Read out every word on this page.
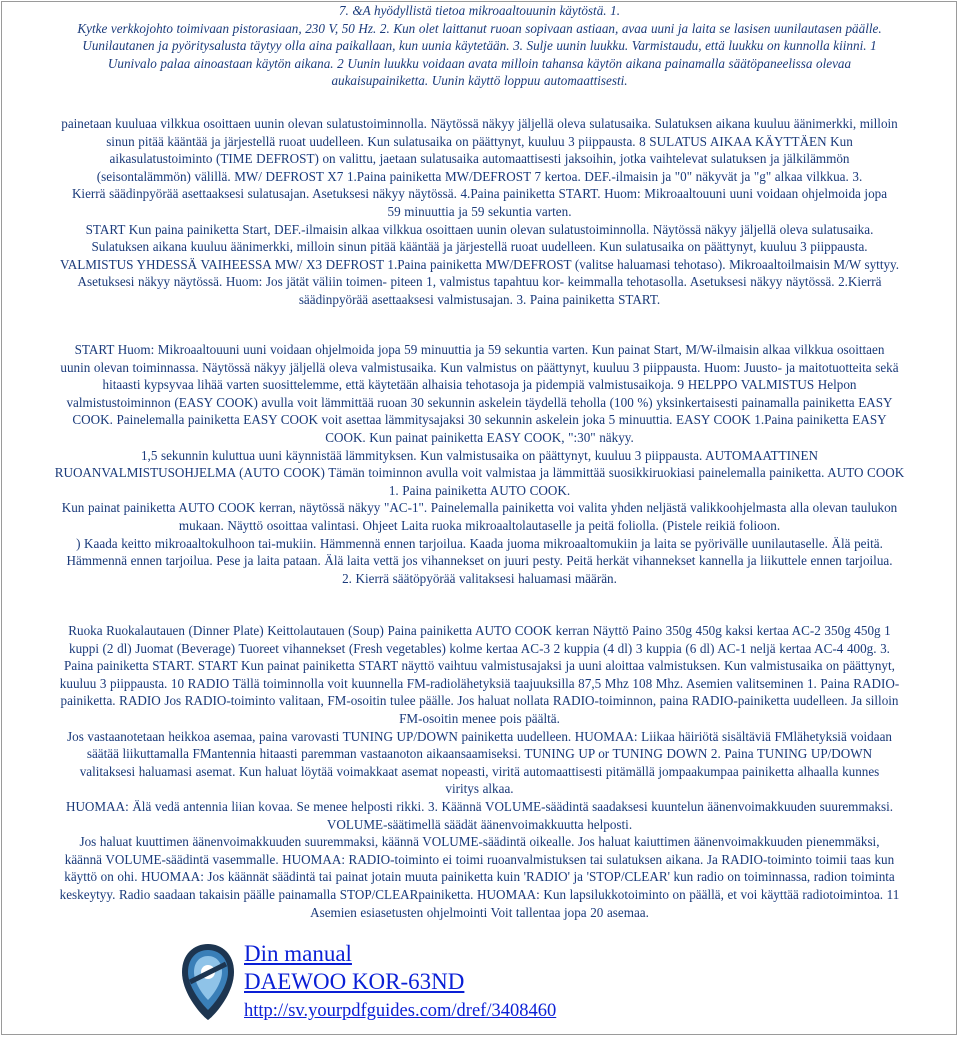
7. &A hyödyllistä tietoa mikroaaltouunin käytöstä. 1.

Kytke verkkojohto toimivaan pistorasiaan, 230 V, 50 Hz. 2. Kun olet laittanut ruoan sopivaan astiaan, avaa uuni ja laita se lasisen uunilautasen päälle.

Uunilautanen ja pyöritysalusta täytyy olla aina paikallaan, kun uunia käytetään. 3. Sulje uunin luukku. Varmistaudu, että luukku on kunnolla kiinni. 1

Uunivalo palaa ainoastaan käytön aikana. 2 Uunin luukku voidaan avata milloin tahansa käytön aikana painamalla säätöpaneelissa olevaa

aukaisupainiketta. Uunin käyttö loppuu automaattisesti.

painetaan kuuluaa vilkkua osoittaen uunin olevan sulatustoiminnolla. Näytössä näkyy jäljellä oleva sulatusaika. Sulatuksen aikana kuuluu äänimerkki, milloin

sinun pitää kääntää ja järjestellä ruoat uudelleen. Kun sulatusaika on päättynyt, kuuluu 3 piippausta. 8 SULATUS AIKAA KÄYTTÄEN Kun

aikasulatustoiminto (TIME DEFROST) on valittu, jaetaan sulatusaika automaattisesti jaksoihin, jotka vaihtelevat sulatuksen ja jälkilämmön

(seisontalämmön) välillä. MW/ DEFROST X7 1.Paina painiketta MW/DEFROST 7 kertoa. DEF.-ilmaisin ja "0" näkyvät ja "g" alkaa vilkkua. 3.

Kierrä säädinpyörää asettaaksesi sulatusajan. Asetuksesi näkyy näytössä. 4.Paina painiketta START. Huom: Mikroaaltouuni uuni voidaan ohjelmoida jopa

59 minuuttia ja 59 sekuntia varten.

START Kun paina painiketta Start, DEF.-ilmaisin alkaa vilkkua osoittaen uunin olevan sulatustoiminnolla. Näytössä näkyy jäljellä oleva sulatusaika.

Sulatuksen aikana kuuluu äänimerkki, milloin sinun pitää kääntää ja järjestellä ruoat uudelleen. Kun sulatusaika on päättynyt, kuuluu 3 piippausta.

VALMISTUS YHDESSÄ VAIHEESSA MW/ X3 DEFROST 1.Paina painiketta MW/DEFROST (valitse haluamasi tehotaso). Mikroaaltoilmaisin M/W syttyy.

Asetuksesi näkyy näytössä. Huom: Jos jätät väliin toimen- piteen 1, valmistus tapahtuu kor- keimmalla tehotasolla. Asetuksesi näkyy näytössä. 2.Kierrä

säädinpyörää asettaaksesi valmistusajan. 3. Paina painiketta START.

START Huom: Mikroaaltouuni uuni voidaan ohjelmoida jopa 59 minuuttia ja 59 sekuntia varten. Kun painat Start, M/W-ilmaisin alkaa vilkkua osoittaen

uunin olevan toiminnassa. Näytössä näkyy jäljellä oleva valmistusaika. Kun valmistus on päättynyt, kuuluu 3 piippausta. Huom: Juusto- ja maitotuotteita sekä

hitaasti kypsyvaa lihää varten suosittelemme, että käytetään alhaisia tehotasoja ja pidempiä valmistusaikoja. 9 HELPPO VALMISTUS Helpon

valmistustoiminnon (EASY COOK) avulla voit lämmittää ruoan 30 sekunnin askelein täydellä teholla (100 %) yksinkertaisesti painamalla painiketta EASY

COOK. Painelemalla painiketta EASY COOK voit asettaa lämmitysajaksi 30 sekunnin askelein joka 5 minuuttia. EASY COOK 1.Paina painiketta EASY

COOK. Kun painat painiketta EASY COOK, ":30" näkyy.

1,5 sekunnin kuluttua uuni käynnistää lämmityksen. Kun valmistusaika on päättynyt, kuuluu 3 piippausta. AUTOMAATTINEN

RUOANVALMISTUSOHJELMA (AUTO COOK) Tämän toiminnon avulla voit valmistaa ja lämmittää suosikkiruokiasi painelemalla painiketta. AUTO COOK

1. Paina painiketta AUTO COOK.

Kun painat painiketta AUTO COOK kerran, näytössä näkyy "AC-1". Painelemalla painiketta voi valita yhden neljästä valikkoohjelmasta alla olevan taulukon

mukaan. Näyttö osoittaa valintasi. Ohjeet Laita ruoka mikroaaltolautaselle ja peitä foliolla. (Pistele reikiä folioon.

) Kaada keitto mikroaaltokulhoon tai-mukiin. Hämmennä ennen tarjoilua. Kaada juoma mikroaaltomukiin ja laita se pyörivälle uunilautaselle. Älä peitä.

Hämmennä ennen tarjoilua. Pese ja laita pataan. Älä laita vettä jos vihannekset on juuri pesty. Peitä herkät vihannekset kannella ja liikuttele ennen tarjoilua.

2. Kierrä säätöpyörää valitaksesi haluamasi määrän.

Ruoka Ruokalautauen (Dinner Plate) Keittolautauen (Soup) Paina painiketta AUTO COOK kerran Näyttö Paino 350g 450g kaksi kertaa AC-2 350g 450g 1

kuppi (2 dl) Juomat (Beverage) Tuoreet vihannekset (Fresh vegetables) kolme kertaa AC-3 2 kuppia (4 dl) 3 kuppia (6 dl) AC-1 neljä kertaa AC-4 400g. 3.

Paina painiketta START. START Kun painat painiketta START näyttö vaihtuu valmistusajaksi ja uuni aloittaa valmistuksen. Kun valmistusaika on päättynyt,

kuuluu 3 piippausta. 10 RADIO Tällä toiminnolla voit kuunnella FM-radiolähetyksiä taajuuksilla 87,5 Mhz 108 Mhz. Asemien valitseminen 1. Paina RADIO-

painiketta. RADIO Jos RADIO-toiminto valitaan, FM-osoitin tulee päälle. Jos haluat nollata RADIO-toiminnon, paina RADIO-painiketta uudelleen. Ja silloin

FM-osoitin menee pois päältä.

Jos vastaanotetaan heikkoa asemaa, paina varovasti TUNING UP/DOWN painiketta uudelleen. HUOMAA: Liikaa häiriötä sisältäviä FMlähetyksiä voidaan

säätää liikuttamalla FMantennia hitaasti paremman vastaanoton aikaansaamiseksi. TUNING UP or TUNING DOWN 2. Paina TUNING UP/DOWN

valitaksesi haluamasi asemat. Kun haluat löytää voimakkaat asemat nopeasti, viritä automaattisesti pitämällä jompaakumpaa painiketta alhaalla kunnes

viritys alkaa.

HUOMAA: Älä vedä antennia liian kovaa. Se menee helposti rikki. 3. Käännä VOLUME-säädintä saadaksesi kuuntelun äänenvoimakkuuden suuremmaksi.

VOLUME-säätimellä säädät äänenvoimakkuutta helposti.

Jos haluat kuuttimen äänenvoimakkuuden suuremmaksi, käännä VOLUME-säädintä oikealle. Jos haluat kaiuttimen äänenvoimakkuuden pienemmäksi,

käännä VOLUME-säädintä vasemmalle. HUOMAA: RADIO-toiminto ei toimi ruoanvalmistuksen tai sulatuksen aikana. Ja RADIO-toiminto toimii taas kun

käyttö on ohi. HUOMAA: Jos käännät säädintä tai painat jotain muuta painiketta kuin 'RADIO' ja 'STOP/CLEAR' kun radio on toiminnassa, radion toiminta

keskeytyy. Radio saadaan takaisin päälle painamalla STOP/CLEARpainiketta. HUOMAA: Kun lapsilukkotoiminto on päällä, et voi käyttää radiotoimintoa. 11

Asemien esiasetusten ohjelmointi Voit tallentaa jopa 20 asemaa.

Din manual
DAEWOO KOR-63ND
http://sv.yourpdfguides.com/dref/3408460
